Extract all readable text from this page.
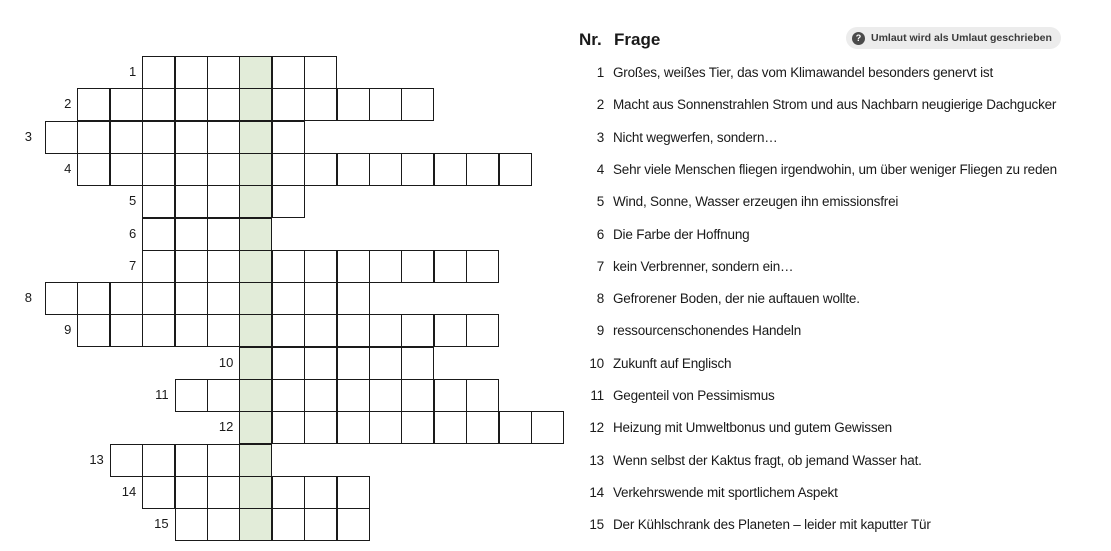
1
2
3
4
5
6
7
8
9
10
11
12
13
14
15
Nr. Frage	? Umlaut wird als Umlaut geschrieben
1 Großes, weißes Tier, das vom Klimawandel besonders genervt ist
2 Macht aus Sonnenstrahlen Strom und aus Nachbarn neugierige Dachgucker
3 Nicht wegwerfen, sondern…
4 Sehr viele Menschen fliegen irgendwohin, um über weniger Fliegen zu reden
5 Wind, Sonne, Wasser erzeugen ihn emissionsfrei
6 Die Farbe der Hoffnung
7 kein Verbrenner, sondern ein…
8 Gefrorener Boden, der nie auftauen wollte.
9 ressourcenschonendes Handeln
10 Zukunft auf Englisch
11 Gegenteil von Pessimismus
12 Heizung mit Umweltbonus und gutem Gewissen
13 Wenn selbst der Kaktus fragt, ob jemand Wasser hat.
14 Verkehrswende mit sportlichem Aspekt
15 Der Kühlschrank des Planeten – leider mit kaputter Tür
